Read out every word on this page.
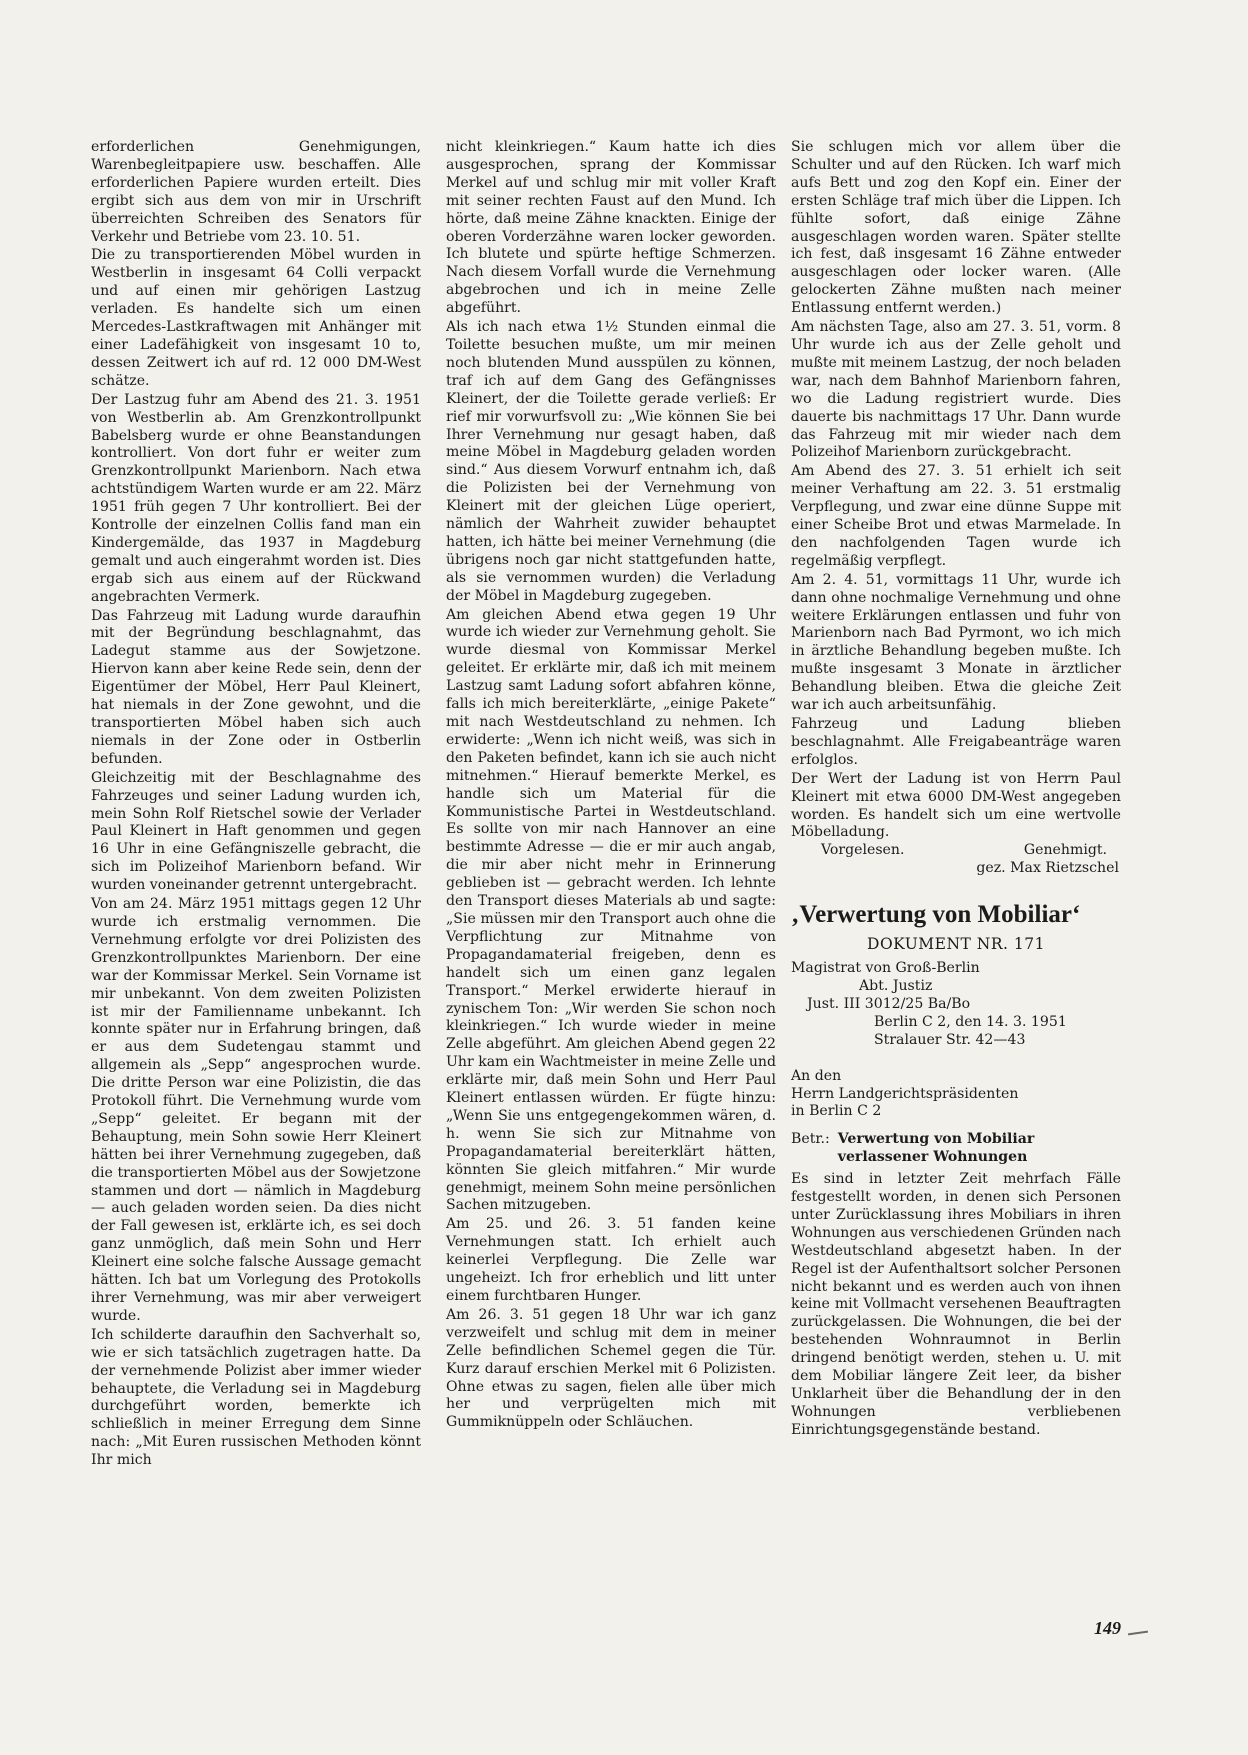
erforderlichen Genehmigungen, Warenbegleitpapiere usw. beschaffen. Alle erforderlichen Papiere wurden erteilt. Dies ergibt sich aus dem von mir in Urschrift überreichten Schreiben des Senators für Verkehr und Betriebe vom 23. 10. 51.

Die zu transportierenden Möbel wurden in Westberlin in insgesamt 64 Colli verpackt und auf einen mir gehörigen Lastzug verladen. Es handelte sich um einen Mercedes-Lastkraftwagen mit Anhänger mit einer Ladefähigkeit von insgesamt 10 to, dessen Zeitwert ich auf rd. 12 000 DM-West schätze.

Der Lastzug fuhr am Abend des 21. 3. 1951 von Westberlin ab. Am Grenzkontrollpunkt Babelsberg wurde er ohne Beanstandungen kontrolliert. Von dort fuhr er weiter zum Grenzkontrollpunkt Marienborn. Nach etwa achtstündigem Warten wurde er am 22. März 1951 früh gegen 7 Uhr kontrolliert. Bei der Kontrolle der einzelnen Collis fand man ein Kindergemälde, das 1937 in Magdeburg gemalt und auch eingerahmt worden ist. Dies ergab sich aus einem auf der Rückwand angebrachten Vermerk.

Das Fahrzeug mit Ladung wurde daraufhin mit der Begründung beschlagnahmt, das Ladegut stamme aus der Sowjetzone. Hiervon kann aber keine Rede sein, denn der Eigentümer der Möbel, Herr Paul Kleinert, hat niemals in der Zone gewohnt, und die transportierten Möbel haben sich auch niemals in der Zone oder in Ostberlin befunden.

Gleichzeitig mit der Beschlagnahme des Fahrzeuges und seiner Ladung wurden ich, mein Sohn Rolf Rietschel sowie der Verlader Paul Kleinert in Haft genommen und gegen 16 Uhr in eine Gefängniszelle gebracht, die sich im Polizeihof Marienborn befand. Wir wurden voneinander getrennt untergebracht.

Von am 24. März 1951 mittags gegen 12 Uhr wurde ich erstmalig vernommen. Die Vernehmung erfolgte vor drei Polizisten des Grenzkontrollpunktes Marienborn. Der eine war der Kommissar Merkel. Sein Vorname ist mir unbekannt. Von dem zweiten Polizisten ist mir der Familienname unbekannt. Ich konnte später nur in Erfahrung bringen, daß er aus dem Sudetengau stammt und allgemein als „Sepp“ angesprochen wurde. Die dritte Person war eine Polizistin, die das Protokoll führt. Die Vernehmung wurde vom „Sepp“ geleitet. Er begann mit der Behauptung, mein Sohn sowie Herr Kleinert hätten bei ihrer Vernehmung zugegeben, daß die transportierten Möbel aus der Sowjetzone stammen und dort — nämlich in Magdeburg — auch geladen worden seien. Da dies nicht der Fall gewesen ist, erklärte ich, es sei doch ganz unmöglich, daß mein Sohn und Herr Kleinert eine solche falsche Aussage gemacht hätten. Ich bat um Vorlegung des Protokolls ihrer Vernehmung, was mir aber verweigert wurde.

Ich schilderte daraufhin den Sachverhalt so, wie er sich tatsächlich zugetragen hatte. Da der vernehmende Polizist aber immer wieder behauptete, die Verladung sei in Magdeburg durchgeführt worden, bemerkte ich schließlich in meiner Erregung dem Sinne nach: „Mit Euren russischen Methoden könnt Ihr mich

nicht kleinkriegen.“ Kaum hatte ich dies ausgesprochen, sprang der Kommissar Merkel auf und schlug mir mit voller Kraft mit seiner rechten Faust auf den Mund. Ich hörte, daß meine Zähne knackten. Einige der oberen Vorderzähne waren locker geworden. Ich blutete und spürte heftige Schmerzen. Nach diesem Vorfall wurde die Vernehmung abgebrochen und ich in meine Zelle abgeführt.

Als ich nach etwa 1½ Stunden einmal die Toilette besuchen mußte, um mir meinen noch blutenden Mund ausspülen zu können, traf ich auf dem Gang des Gefängnisses Kleinert, der die Toilette gerade verließ: Er rief mir vorwurfsvoll zu: „Wie können Sie bei Ihrer Vernehmung nur gesagt haben, daß meine Möbel in Magdeburg geladen worden sind.“ Aus diesem Vorwurf entnahm ich, daß die Polizisten bei der Vernehmung von Kleinert mit der gleichen Lüge operiert, nämlich der Wahrheit zuwider behauptet hatten, ich hätte bei meiner Vernehmung (die übrigens noch gar nicht stattgefunden hatte, als sie vernommen wurden) die Verladung der Möbel in Magdeburg zugegeben.

Am gleichen Abend etwa gegen 19 Uhr wurde ich wieder zur Vernehmung geholt. Sie wurde diesmal von Kommissar Merkel geleitet. Er erklärte mir, daß ich mit meinem Lastzug samt Ladung sofort abfahren könne, falls ich mich bereiterklärte, „einige Pakete“ mit nach Westdeutschland zu nehmen. Ich erwiderte: „Wenn ich nicht weiß, was sich in den Paketen befindet, kann ich sie auch nicht mitnehmen.“ Hierauf bemerkte Merkel, es handle sich um Material für die Kommunistische Partei in Westdeutschland. Es sollte von mir nach Hannover an eine bestimmte Adresse — die er mir auch angab, die mir aber nicht mehr in Erinnerung geblieben ist — gebracht werden. Ich lehnte den Transport dieses Materials ab und sagte: „Sie müssen mir den Transport auch ohne die Verpflichtung zur Mitnahme von Propagandamaterial freigeben, denn es handelt sich um einen ganz legalen Transport.“ Merkel erwiderte hierauf in zynischem Ton: „Wir werden Sie schon noch kleinkriegen.“ Ich wurde wieder in meine Zelle abgeführt. Am gleichen Abend gegen 22 Uhr kam ein Wachtmeister in meine Zelle und erklärte mir, daß mein Sohn und Herr Paul Kleinert entlassen würden. Er fügte hinzu: „Wenn Sie uns entgegengekommen wären, d. h. wenn Sie sich zur Mitnahme von Propagandamaterial bereiterklärt hätten, könnten Sie gleich mitfahren.“ Mir wurde genehmigt, meinem Sohn meine persönlichen Sachen mitzugeben.

Am 25. und 26. 3. 51 fanden keine Vernehmungen statt. Ich erhielt auch keinerlei Verpflegung. Die Zelle war ungeheizt. Ich fror erheblich und litt unter einem furchtbaren Hunger.

Am 26. 3. 51 gegen 18 Uhr war ich ganz verzweifelt und schlug mit dem in meiner Zelle befindlichen Schemel gegen die Tür. Kurz darauf erschien Merkel mit 6 Polizisten. Ohne etwas zu sagen, fielen alle über mich her und verprügelten mich mit Gummiknüppeln oder Schläuchen.

Sie schlugen mich vor allem über die Schulter und auf den Rücken. Ich warf mich aufs Bett und zog den Kopf ein. Einer der ersten Schläge traf mich über die Lippen. Ich fühlte sofort, daß einige Zähne ausgeschlagen worden waren. Später stellte ich fest, daß insgesamt 16 Zähne entweder ausgeschlagen oder locker waren. (Alle gelockerten Zähne mußten nach meiner Entlassung entfernt werden.)

Am nächsten Tage, also am 27. 3. 51, vorm. 8 Uhr wurde ich aus der Zelle geholt und mußte mit meinem Lastzug, der noch beladen war, nach dem Bahnhof Marienborn fahren, wo die Ladung registriert wurde. Dies dauerte bis nachmittags 17 Uhr. Dann wurde das Fahrzeug mit mir wieder nach dem Polizeihof Marienborn zurückgebracht.

Am Abend des 27. 3. 51 erhielt ich seit meiner Verhaftung am 22. 3. 51 erstmalig Verpflegung, und zwar eine dünne Suppe mit einer Scheibe Brot und etwas Marmelade. In den nachfolgenden Tagen wurde ich regelmäßig verpflegt.

Am 2. 4. 51, vormittags 11 Uhr, wurde ich dann ohne nochmalige Vernehmung und ohne weitere Erklärungen entlassen und fuhr von Marienborn nach Bad Pyrmont, wo ich mich in ärztliche Behandlung begeben mußte. Ich mußte insgesamt 3 Monate in ärztlicher Behandlung bleiben. Etwa die gleiche Zeit war ich auch arbeitsunfähig.

Fahrzeug und Ladung blieben beschlagnahmt. Alle Freigabeanträge waren erfolglos.

Der Wert der Ladung ist von Herrn Paul Kleinert mit etwa 6000 DM-West angegeben worden. Es handelt sich um eine wertvolle Möbelladung.

Vorgelesen.	Genehmigt.
gez. Max Rietzschel
‚Verwertung von Mobiliar‘
DOKUMENT NR. 171
Magistrat von Groß-Berlin
Abt. Justiz
Just. III 3012/25 Ba/Bo
Berlin C 2, den 14. 3. 1951
Stralauer Str. 42—43
An den
Herrn Landgerichtspräsidenten
in Berlin C 2
Betr.: Verwertung von Mobiliar verlassener Wohnungen

Es sind in letzter Zeit mehrfach Fälle festgestellt worden, in denen sich Personen unter Zurücklassung ihres Mobiliars in ihren Wohnungen aus verschiedenen Gründen nach Westdeutschland abgesetzt haben. In der Regel ist der Aufenthaltsort solcher Personen nicht bekannt und es werden auch von ihnen keine mit Vollmacht versehenen Beauftragten zurückgelassen. Die Wohnungen, die bei der bestehenden Wohnraumnot in Berlin dringend benötigt werden, stehen u. U. mit dem Mobiliar längere Zeit leer, da bisher Unklarheit über die Behandlung der in den Wohnungen verbliebenen Einrichtungsgegenstände bestand.

149
